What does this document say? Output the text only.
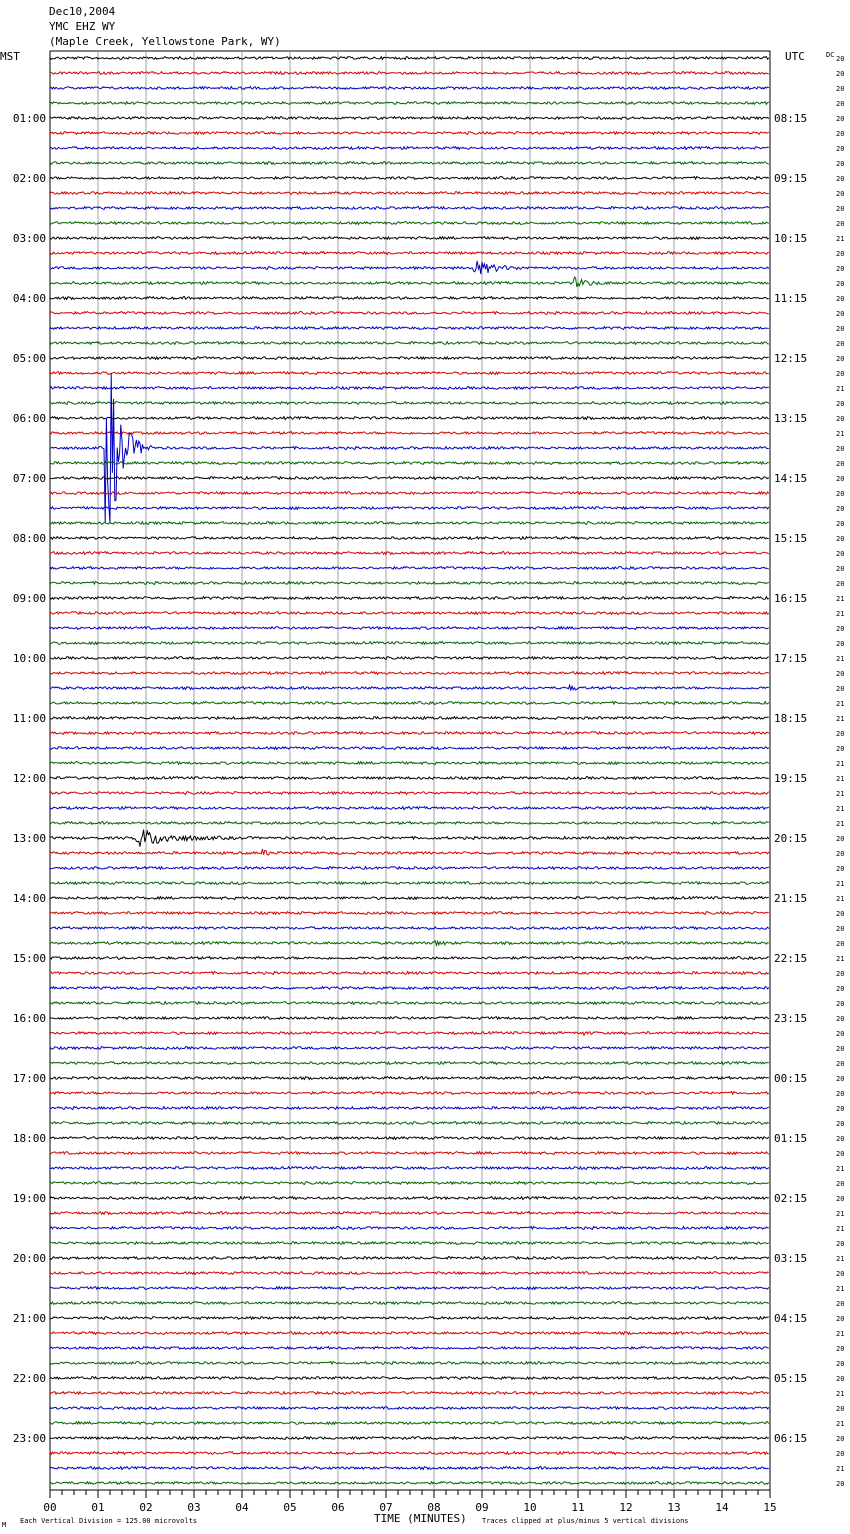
Dec10,2004
YMC EHZ WY
(Maple Creek, Yellowstone Park, WY)
MST	UTC	DC
01:00
02:00
03:00
04:00
05:00
06:00
07:00
08:00
09:00
10:00
11:00
12:00
13:00
14:00
15:00
16:00
17:00
18:00
19:00
20:00
21:00
22:00
23:00
08:15
09:15
10:15
11:15
12:15
13:15
14:15
15:15
16:15
17:15
18:15
19:15
20:15
21:15
22:15
23:15
00:15
01:15
02:15
03:15
04:15
05:15
06:15
20
20
20
20
20
20
20
20
20
20
20
20
21
20
20
20
20
20
20
20
20
20
21
20
20
21
20
20
20
20
20
20
20
20
20
20
21
21
20
20
21
20
20
21
21
20
20
21
21
21
21
21
20
20
20
21
21
20
20
20
21
20
20
20
20
20
20
20
20
20
20
20
20
20
21
20
20
21
21
20
21
20
21
20
20
21
20
20
20
21
20
21
20
20
21
20
00	01	02	03	04	05	06	07	08	09	10	11	12	13	14	15
TIME (MINUTES)
Each Vertical Division = 125.00 microvolts	Traces clipped at plus/minus 5 vertical divisions
M
